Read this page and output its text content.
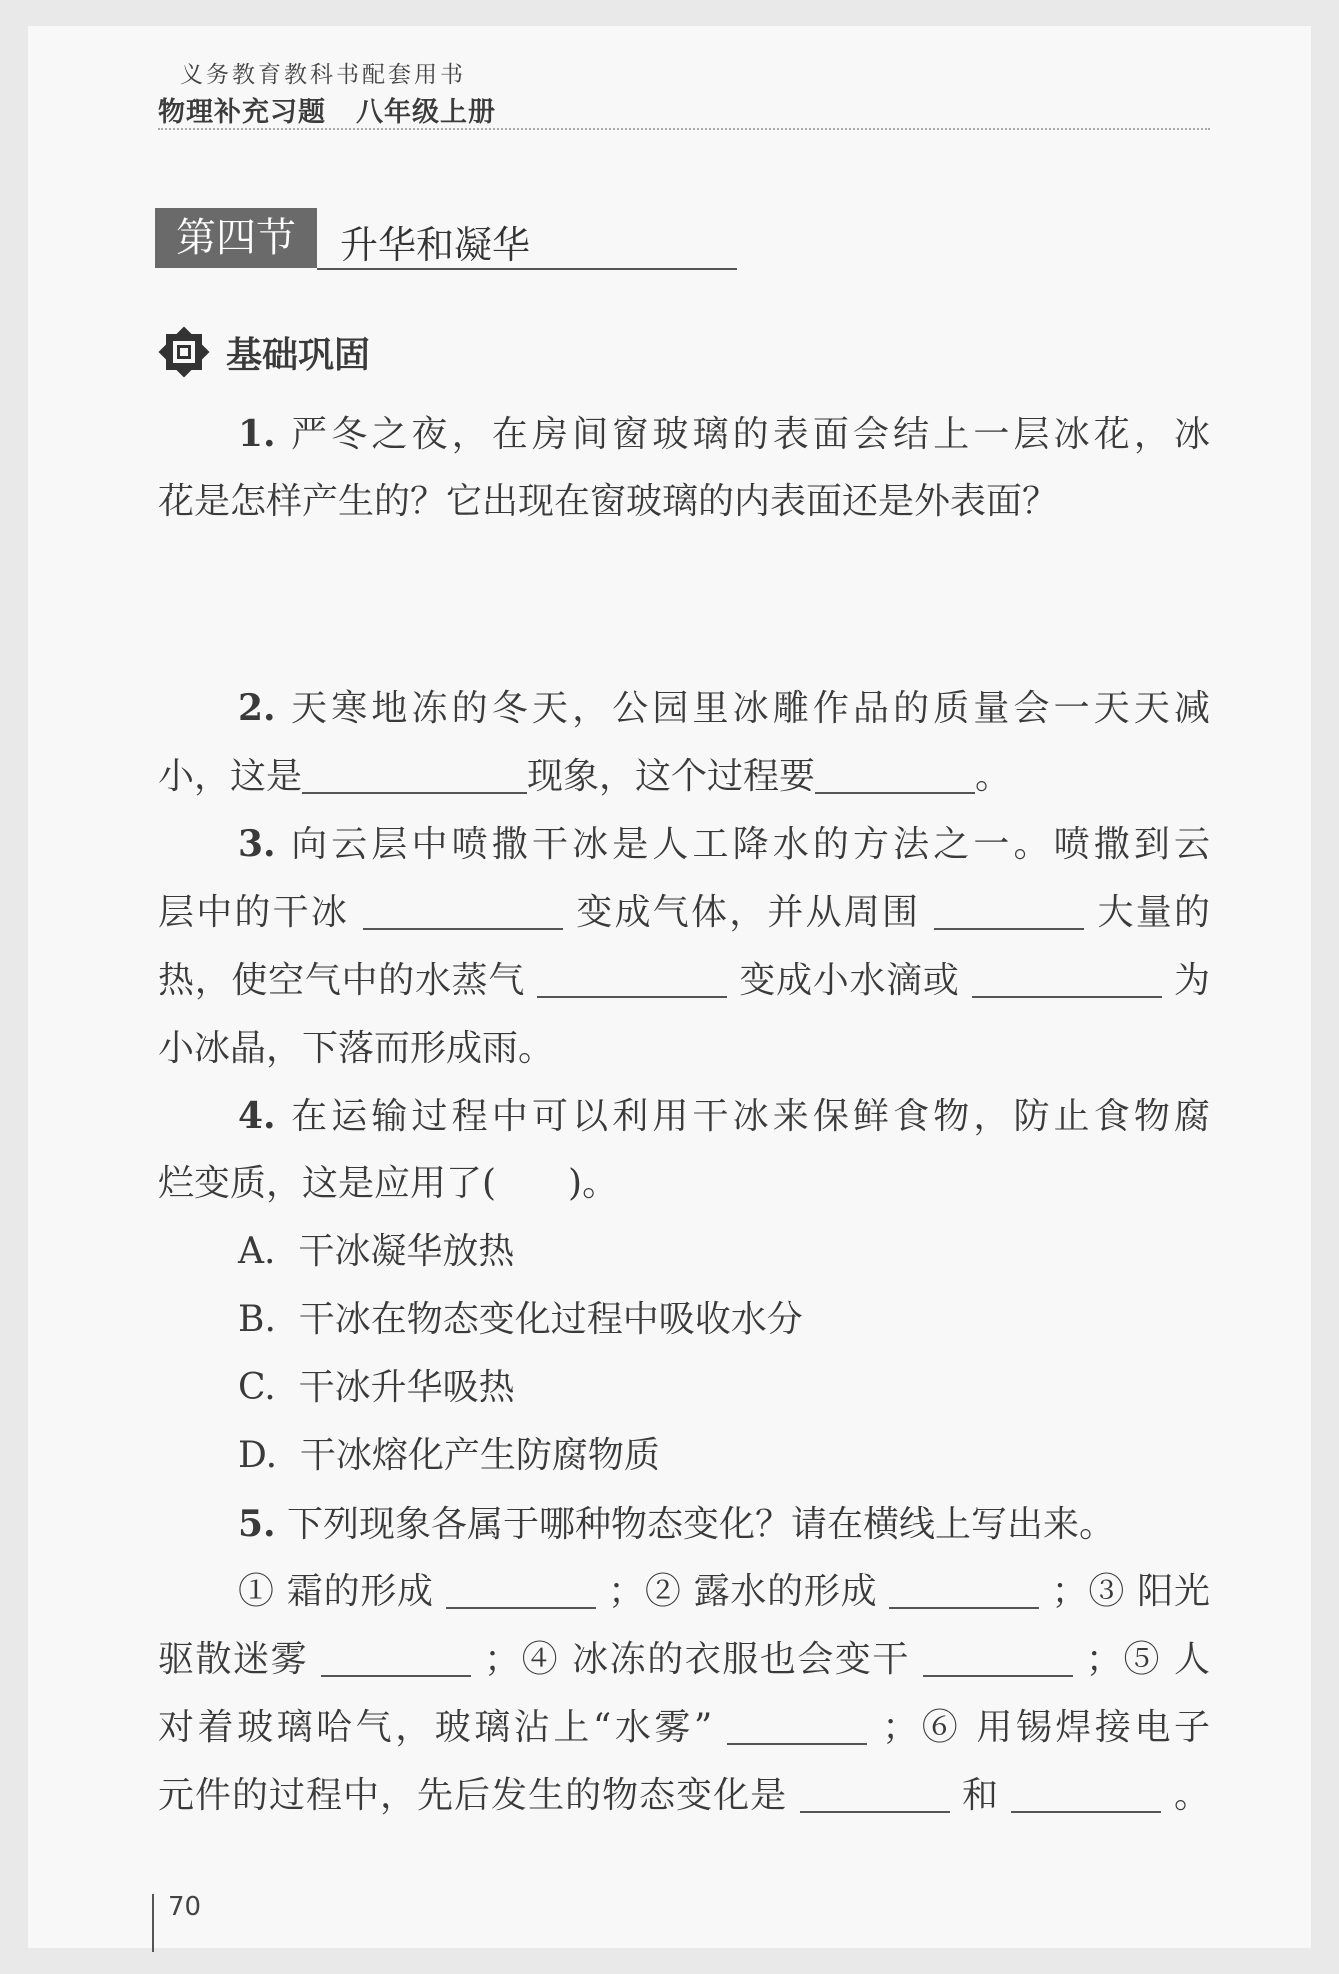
义务教育教科书配套用书
物理补充习题 八年级上册
第四节	升华和凝华
基础巩固
1. 严冬之夜，在房间窗玻璃的表面会结上一层冰花，冰
花是怎样产生的？它出现在窗玻璃的内表面还是外表面？
2. 天寒地冻的冬天，公园里冰雕作品的质量会一天天减
小，这是	现象，这个过程要	。
3. 向云层中喷撒干冰是人工降水的方法之一。喷撒到云
层中的干冰	变成气体，并从周围	大量的
热，使空气中的水蒸气	变成小水滴或	为
小冰晶，下落而形成雨。
4. 在运输过程中可以利用干冰来保鲜食物，防止食物腐
烂变质，这是应用了(　　)。
A. 干冰凝华放热
B. 干冰在物态变化过程中吸收水分
C. 干冰升华吸热
D. 干冰熔化产生防腐物质
5. 下列现象各属于哪种物态变化？请在横线上写出来。
① 霜的形成	；② 露水的形成	；③ 阳光
驱散迷雾	；④ 冰冻的衣服也会变干	；⑤ 人
对着玻璃哈气，玻璃沾上“水雾”	；⑥ 用锡焊接电子
元件的过程中，先后发生的物态变化是	和	。
70
